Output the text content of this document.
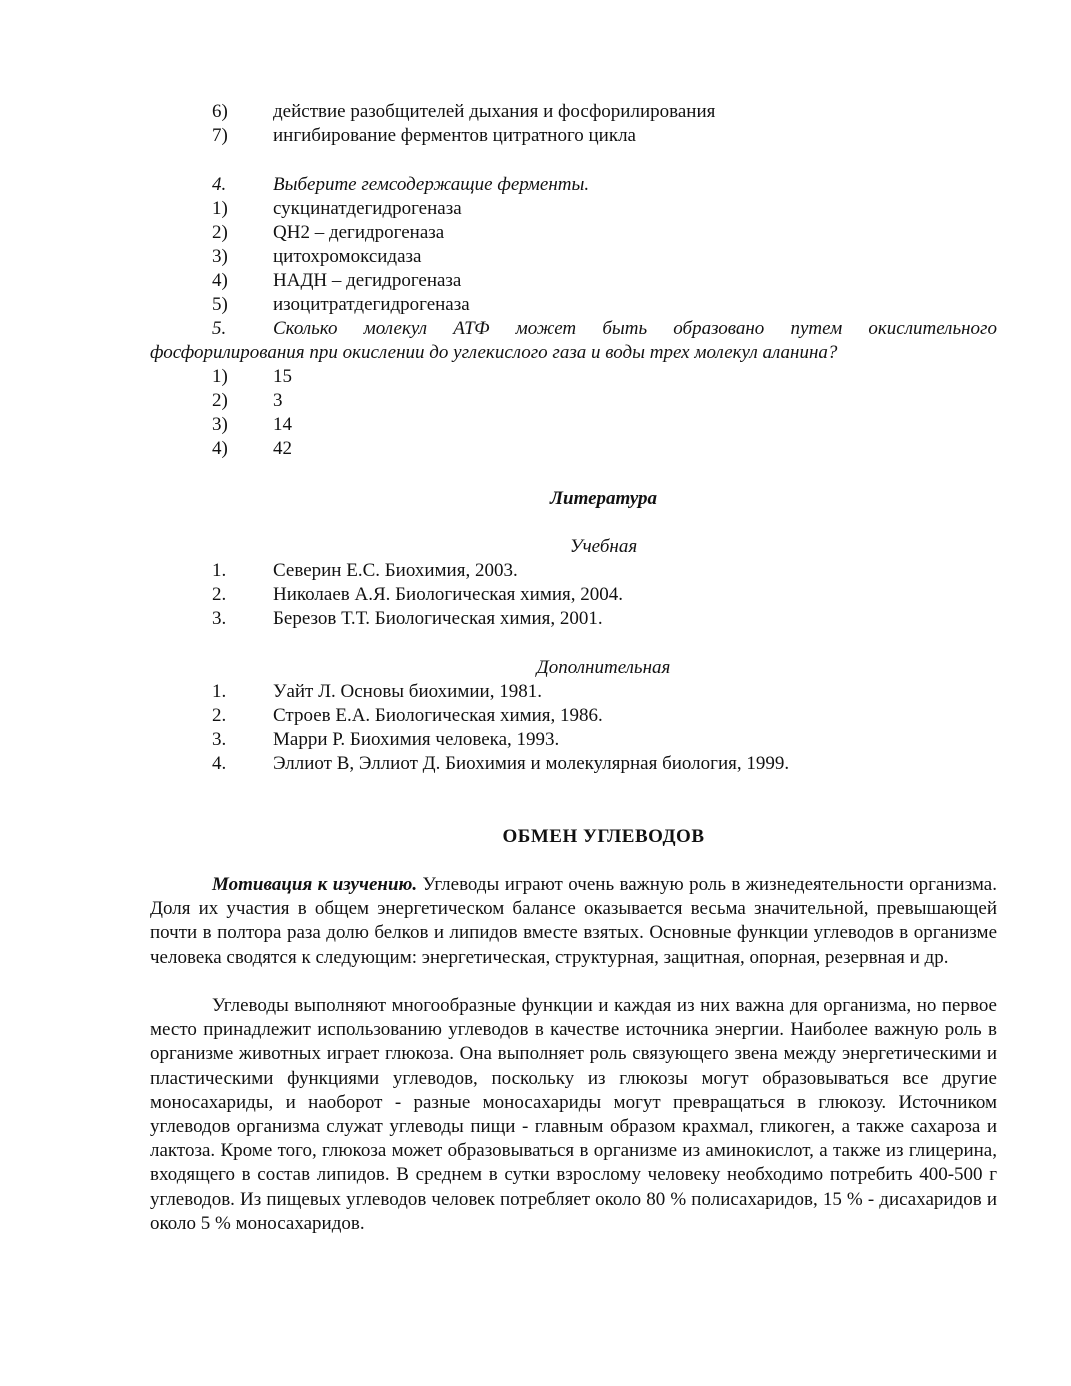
6) действие разобщителей дыхания и фосфорилирования
7) ингибирование ферментов цитратного цикла
4. Выберите гемсодержащие ферменты.
1) сукцинатдегидрогеназа
2) QH2 – дегидрогеназа
3) цитохромоксидаза
4) НАДН – дегидрогеназа
5) изоцитратдегидрогеназа
5. Сколько молекул АТФ может быть образовано путем окислительного
фосфорилирования при окислении до углекислого газа и воды трех молекул аланина?
1) 15
2) 3
3) 14
4) 42
Литература
Учебная
1. Северин Е.С. Биохимия, 2003.
2. Николаев А.Я. Биологическая химия, 2004.
3. Березов Т.Т. Биологическая химия, 2001.
Дополнительная
1. Уайт Л. Основы биохимии, 1981.
2. Строев Е.А. Биологическая химия, 1986.
3. Марри Р. Биохимия человека, 1993.
4. Эллиот В, Эллиот Д. Биохимия и молекулярная биология, 1999.
ОБМЕН УГЛЕВОДОВ

Мотивация к изучению. Углеводы играют очень важную роль в жизнедеятельности организма. Доля их участия в общем энергетическом балансе оказывается весьма значительной, превышающей почти в полтора раза долю белков и липидов вместе взятых. Основные функции углеводов в организме человека сводятся к следующим: энергетическая, структурная, защитная, опорная, резервная и др.

Углеводы выполняют многообразные функции и каждая из них важна для организма, но первое место принадлежит использованию углеводов в качестве источника энергии. Наиболее важную роль в организме животных играет глюкоза. Она выполняет роль связующего звена между энергетическими и пластическими функциями углеводов, поскольку из глюкозы могут образовываться все другие моносахариды, и наоборот - разные моносахариды могут превращаться в глюкозу. Источником углеводов организма служат углеводы пищи - главным образом крахмал, гликоген, а также сахароза и лактоза. Кроме того, глюкоза может образовываться в организме из аминокислот, а также из глицерина, входящего в состав липидов. В среднем в сутки взрослому человеку необходимо потребить 400-500 г углеводов. Из пищевых углеводов человек потребляет около 80 % полисахаридов, 15 % - дисахаридов и около 5 % моносахаридов.
